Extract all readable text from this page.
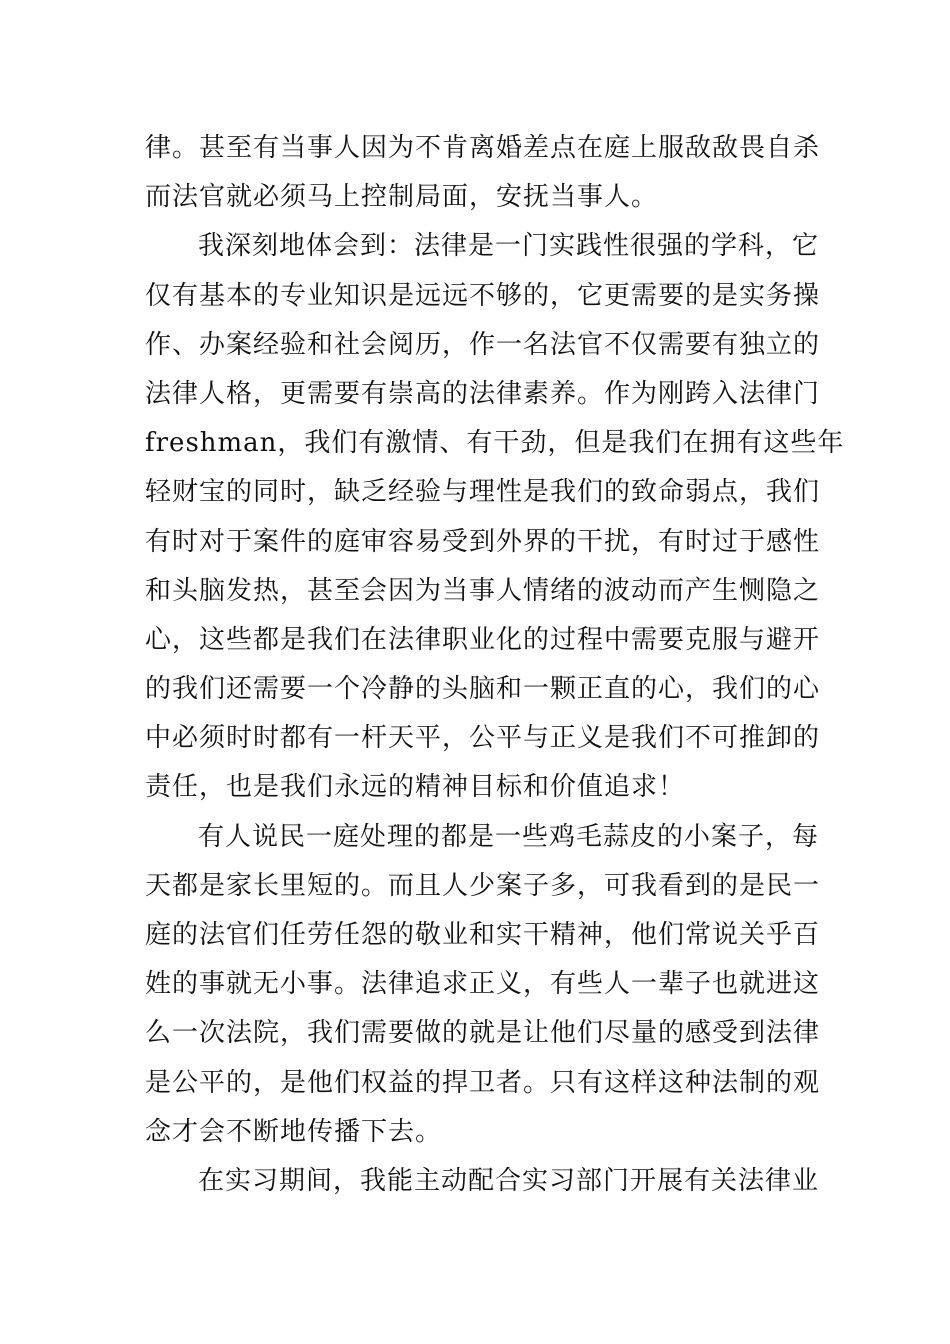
律。甚至有当事人因为不肯离婚差点在庭上服敌敌畏自杀
而法官就必须马上控制局面，安抚当事人。
我深刻地体会到：法律是一门实践性很强的学科，它
仅有基本的专业知识是远远不够的，它更需要的是实务操
作、办案经验和社会阅历，作一名法官不仅需要有独立的
法律人格，更需要有崇高的法律素养。作为刚跨入法律门
freshman，我们有激情、有干劲，但是我们在拥有这些年
轻财宝的同时，缺乏经验与理性是我们的致命弱点，我们
有时对于案件的庭审容易受到外界的干扰，有时过于感性
和头脑发热，甚至会因为当事人情绪的波动而产生恻隐之
心，这些都是我们在法律职业化的过程中需要克服与避开
的我们还需要一个冷静的头脑和一颗正直的心，我们的心
中必须时时都有一杆天平，公平与正义是我们不可推卸的
责任，也是我们永远的精神目标和价值追求！
有人说民一庭处理的都是一些鸡毛蒜皮的小案子，每
天都是家长里短的。而且人少案子多，可我看到的是民一
庭的法官们任劳任怨的敬业和实干精神，他们常说关乎百
姓的事就无小事。法律追求正义，有些人一辈子也就进这
么一次法院，我们需要做的就是让他们尽量的感受到法律
是公平的，是他们权益的捍卫者。只有这样这种法制的观
念才会不断地传播下去。
在实习期间，我能主动配合实习部门开展有关法律业
